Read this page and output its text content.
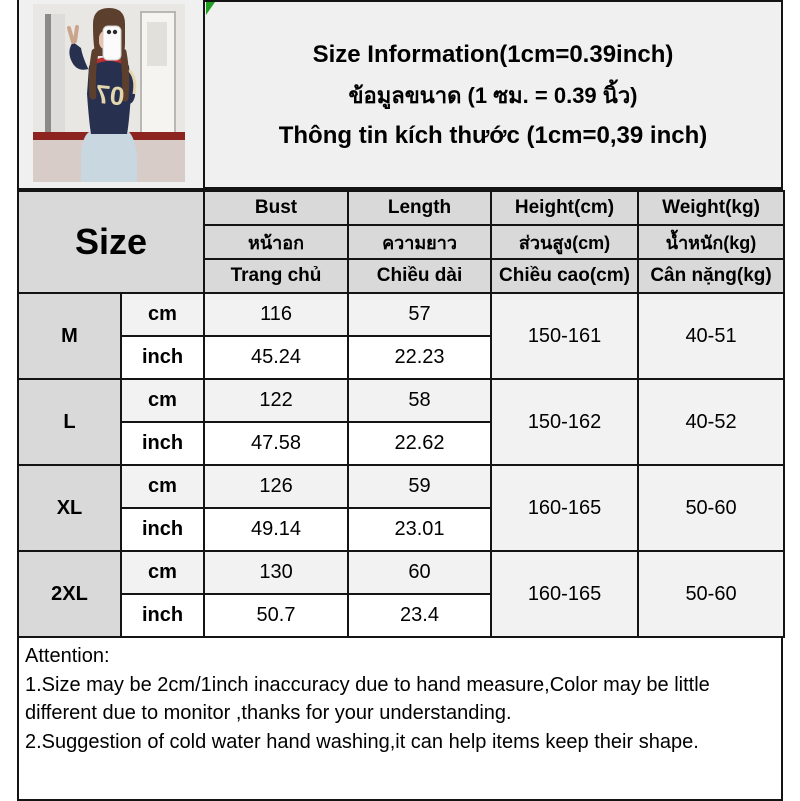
07
Size Information(1cm=0.39inch)
ข้อมูลขนาด (1 ซม. = 0.39 นิ้ว)
Thông tin kích thước (1cm=0,39 inch)
Size		Bust	Length	Height(cm)	Weight(kg)
		หน้าอก	ความยาว	ส่วนสูง(cm)	น้ำหนัก(kg)
		Trang chủ	Chiều dài	Chiều cao(cm)	Cân nặng(kg)
M	cm	116	57	150-161	40-51
	inch	45.24	22.23		
L	cm	122	58	150-162	40-52
	inch	47.58	22.62		
XL	cm	126	59	160-165	50-60
	inch	49.14	23.01		
2XL	cm	130	60	160-165	50-60
	inch	50.7	23.4		
Attention:
1.Size may be 2cm/1inch inaccuracy due to hand measure,Color may be little different due to monitor ,thanks for your understanding.
2.Suggestion of cold water hand washing,it can help items keep their shape.
